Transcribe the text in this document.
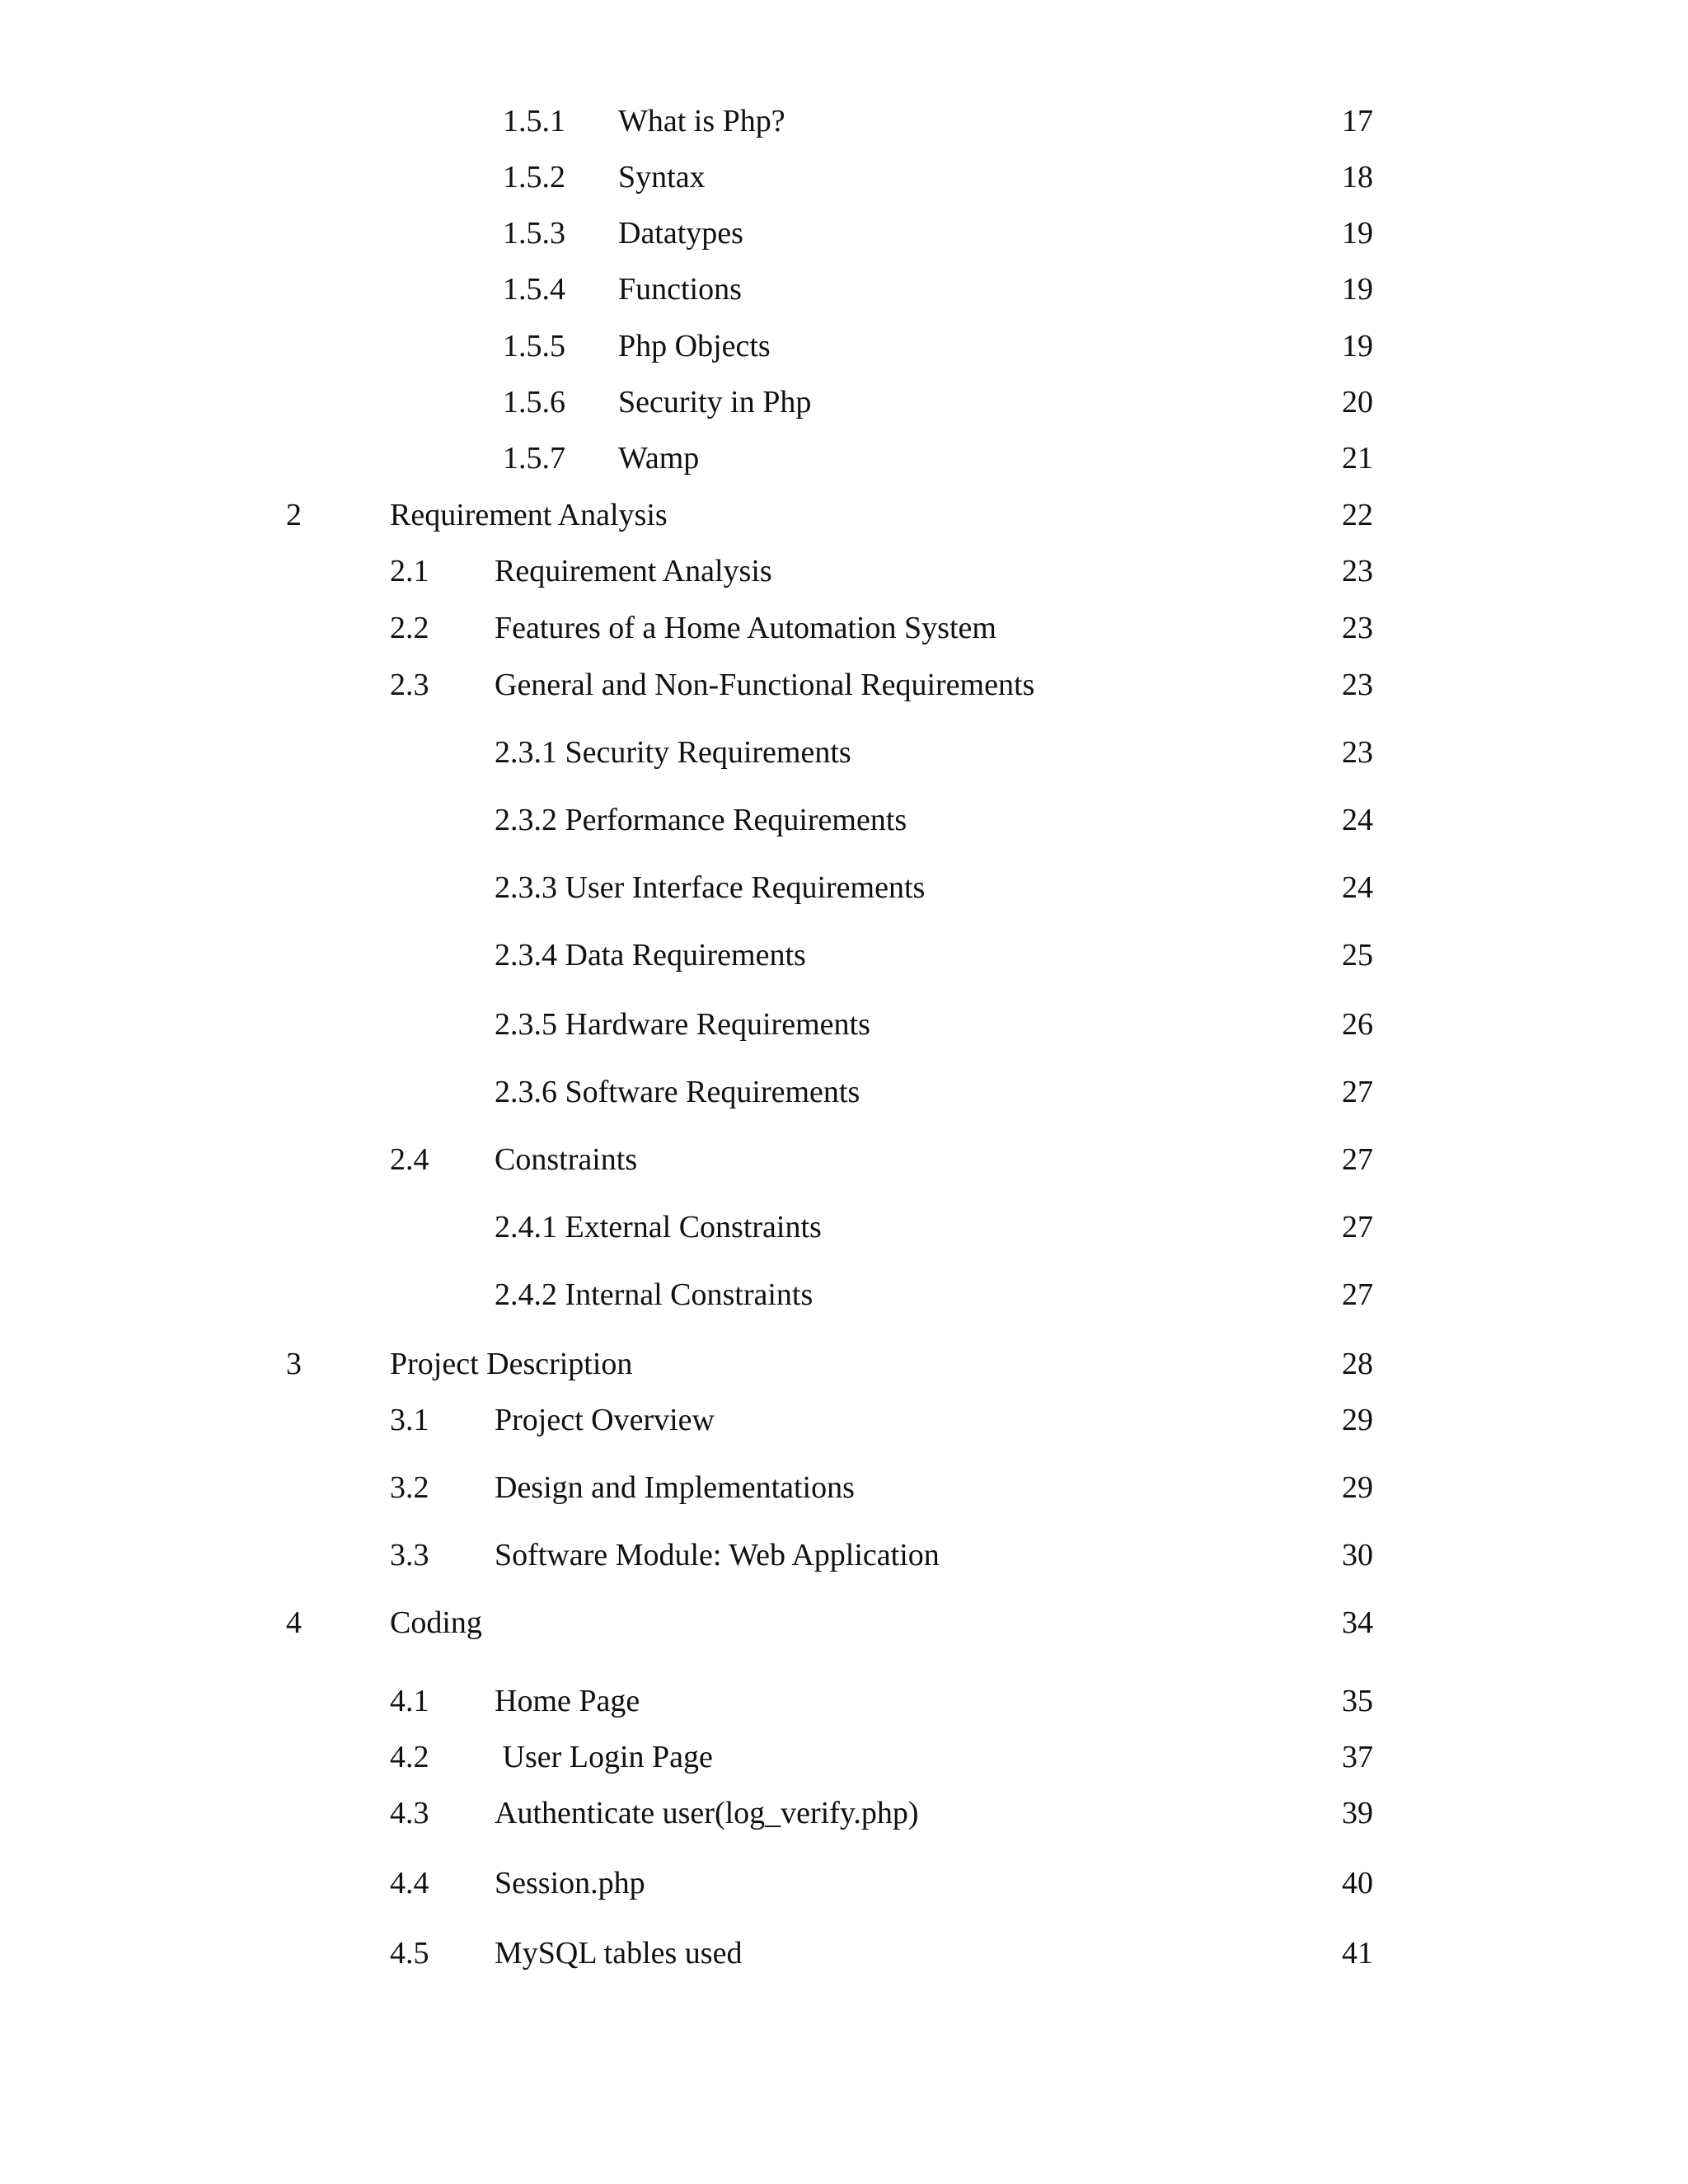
1.5.1 What is Php?	17
1.5.2 Syntax	18
1.5.3 Datatypes	19
1.5.4 Functions	19
1.5.5 Php Objects	19
1.5.6 Security in Php	20
1.5.7 Wamp	21
2	Requirement Analysis	22
2.1 Requirement Analysis	23
2.2 Features of a Home Automation System	23
2.3 General and Non-Functional Requirements	23
2.3.1 Security Requirements	23
2.3.2 Performance Requirements	24
2.3.3 User Interface Requirements	24
2.3.4 Data Requirements	25
2.3.5 Hardware Requirements	26
2.3.6 Software Requirements	27
2.4 Constraints	27
2.4.1 External Constraints	27
2.4.2 Internal Constraints	27
3	Project Description	28
3.1 Project Overview	29
3.2 Design and Implementations	29
3.3 Software Module: Web Application	30
4	Coding	34
4.1 Home Page	35
4.2 User Login Page	37
4.3 Authenticate user(log_verify.php)	39
4.4 Session.php	40
4.5 MySQL tables used	41
